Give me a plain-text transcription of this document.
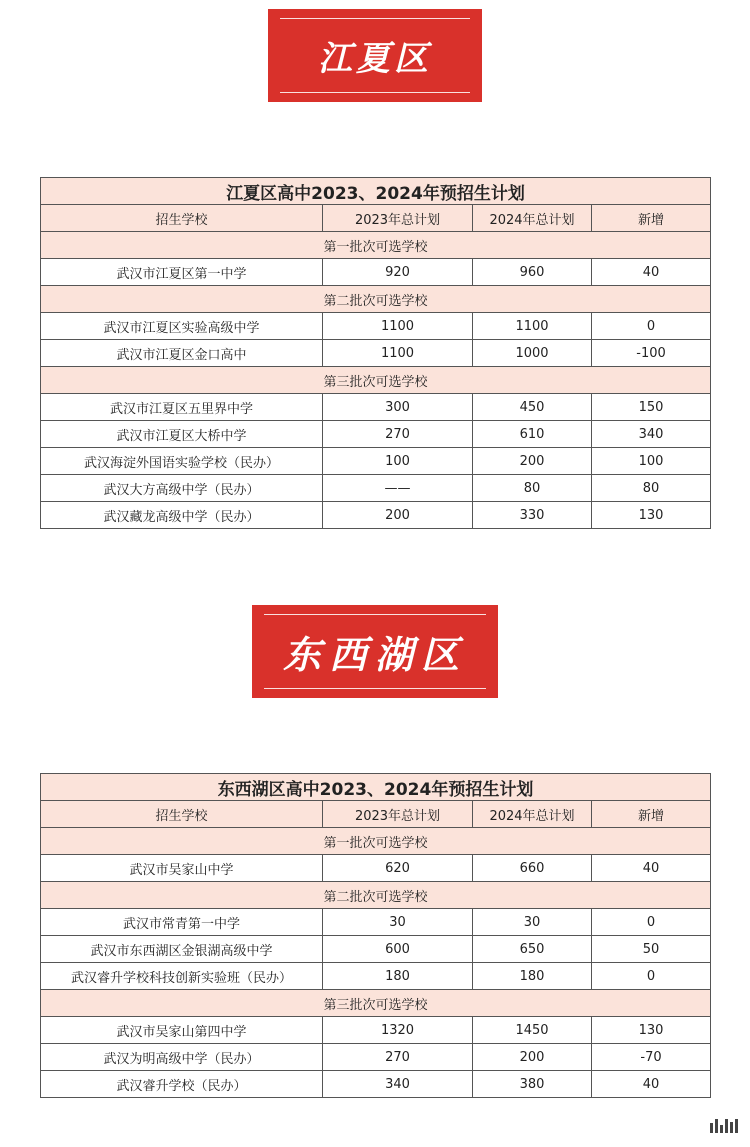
江夏区
江夏区高中2023、2024年预招生计划			
招生学校	2023年总计划	2024年总计划	新增
第一批次可选学校			
武汉市江夏区第一中学	920	960	40
第二批次可选学校			
武汉市江夏区实验高级中学	1100	1100	0
武汉市江夏区金口高中	1100	1000	-100
第三批次可选学校			
武汉市江夏区五里界中学	300	450	150
武汉市江夏区大桥中学	270	610	340
武汉海淀外国语实验学校（民办）	100	200	100
武汉大方高级中学（民办）	——	80	80
武汉藏龙高级中学（民办）	200	330	130
东西湖区
东西湖区高中2023、2024年预招生计划			
招生学校	2023年总计划	2024年总计划	新增
第一批次可选学校			
武汉市吴家山中学	620	660	40
第二批次可选学校			
武汉市常青第一中学	30	30	0
武汉市东西湖区金银湖高级中学	600	650	50
武汉睿升学校科技创新实验班（民办）	180	180	0
第三批次可选学校			
武汉市吴家山第四中学	1320	1450	130
武汉为明高级中学（民办）	270	200	-70
武汉睿升学校（民办）	340	380	40
